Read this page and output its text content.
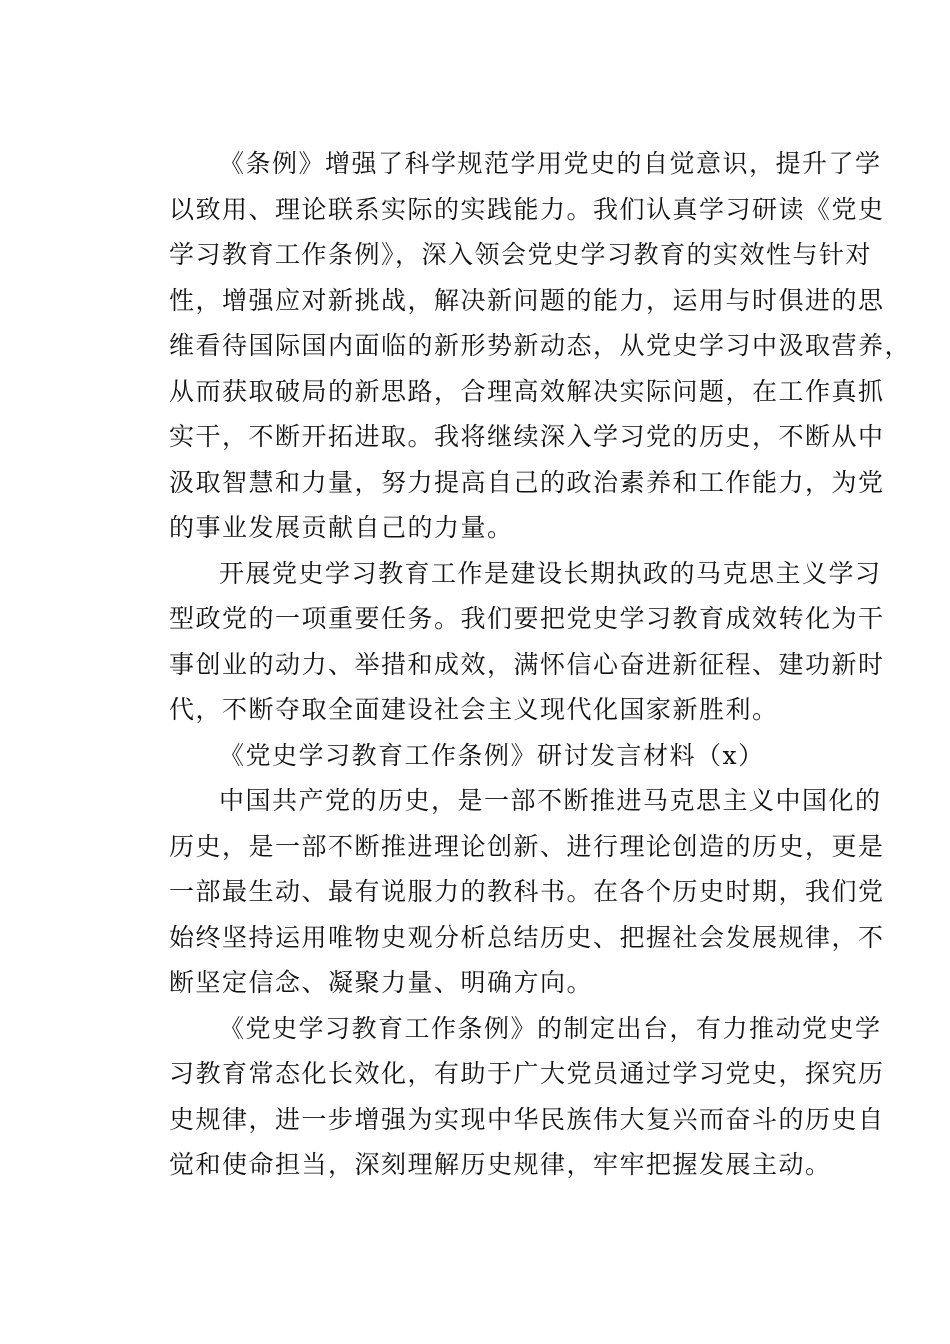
《条例》增强了科学规范学用党史的自觉意识，提升了学
以致用、理论联系实际的实践能力。我们认真学习研读《党史
学习教育工作条例》，深入领会党史学习教育的实效性与针对
性，增强应对新挑战，解决新问题的能力，运用与时俱进的思
维看待国际国内面临的新形势新动态，从党史学习中汲取营养，
从而获取破局的新思路，合理高效解决实际问题，在工作真抓
实干，不断开拓进取。我将继续深入学习党的历史，不断从中
汲取智慧和力量，努力提高自己的政治素养和工作能力，为党
的事业发展贡献自己的力量。
开展党史学习教育工作是建设长期执政的马克思主义学习
型政党的一项重要任务。我们要把党史学习教育成效转化为干
事创业的动力、举措和成效，满怀信心奋进新征程、建功新时
代，不断夺取全面建设社会主义现代化国家新胜利。
《党史学习教育工作条例》研讨发言材料（x）
中国共产党的历史，是一部不断推进马克思主义中国化的
历史，是一部不断推进理论创新、进行理论创造的历史，更是
一部最生动、最有说服力的教科书。在各个历史时期，我们党
始终坚持运用唯物史观分析总结历史、把握社会发展规律，不
断坚定信念、凝聚力量、明确方向。
《党史学习教育工作条例》的制定出台，有力推动党史学
习教育常态化长效化，有助于广大党员通过学习党史，探究历
史规律，进一步增强为实现中华民族伟大复兴而奋斗的历史自
觉和使命担当，深刻理解历史规律，牢牢把握发展主动。
